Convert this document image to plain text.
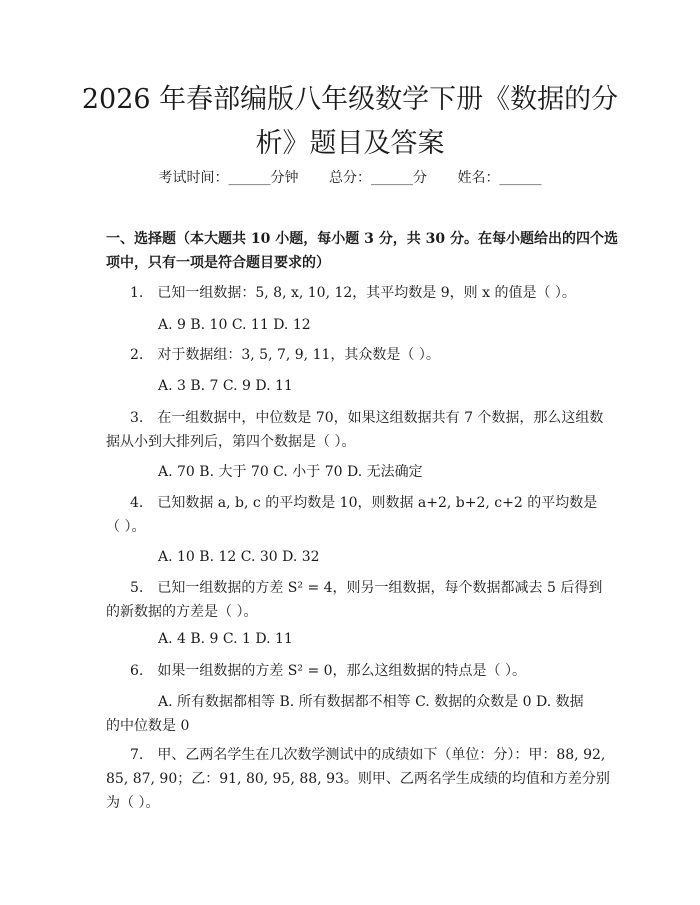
2026 年春部编版八年级数学下册《数据的分
析》题目及答案
考试时间：______分钟 总分：______分 姓名：______

一、选择题（本大题共 10 小题，每小题 3 分，共 30 分。在每小题给出的四个选
项中，只有一项是符合题目要求的）

1.　已知一组数据：5, 8, x, 10, 12，其平均数是 9，则 x 的值是（ ）。
A. 9 B. 10 C. 11 D. 12
2.　对于数据组：3, 5, 7, 9, 11，其众数是（ ）。
A. 3 B. 7 C. 9 D. 11
3.　在一组数据中，中位数是 70，如果这组数据共有 7 个数据，那么这组数
据从小到大排列后，第四个数据是（ ）。
A. 70 B. 大于 70 C. 小于 70 D. 无法确定
4.　已知数据 a, b, c 的平均数是 10，则数据 a+2, b+2, c+2 的平均数是
（ ）。
A. 10 B. 12 C. 30 D. 32
5.　已知一组数据的方差 S² = 4，则另一组数据，每个数据都减去 5 后得到
的新数据的方差是（ ）。
A. 4 B. 9 C. 1 D. 11
6.　如果一组数据的方差 S² = 0，那么这组数据的特点是（ ）。
A. 所有数据都相等 B. 所有数据都不相等 C. 数据的众数是 0 D. 数据
的中位数是 0
7.　甲、乙两名学生在几次数学测试中的成绩如下（单位：分）：甲：88, 92,
85, 87, 90；乙：91, 80, 95, 88, 93。则甲、乙两名学生成绩的均值和方差分别
为（ ）。
